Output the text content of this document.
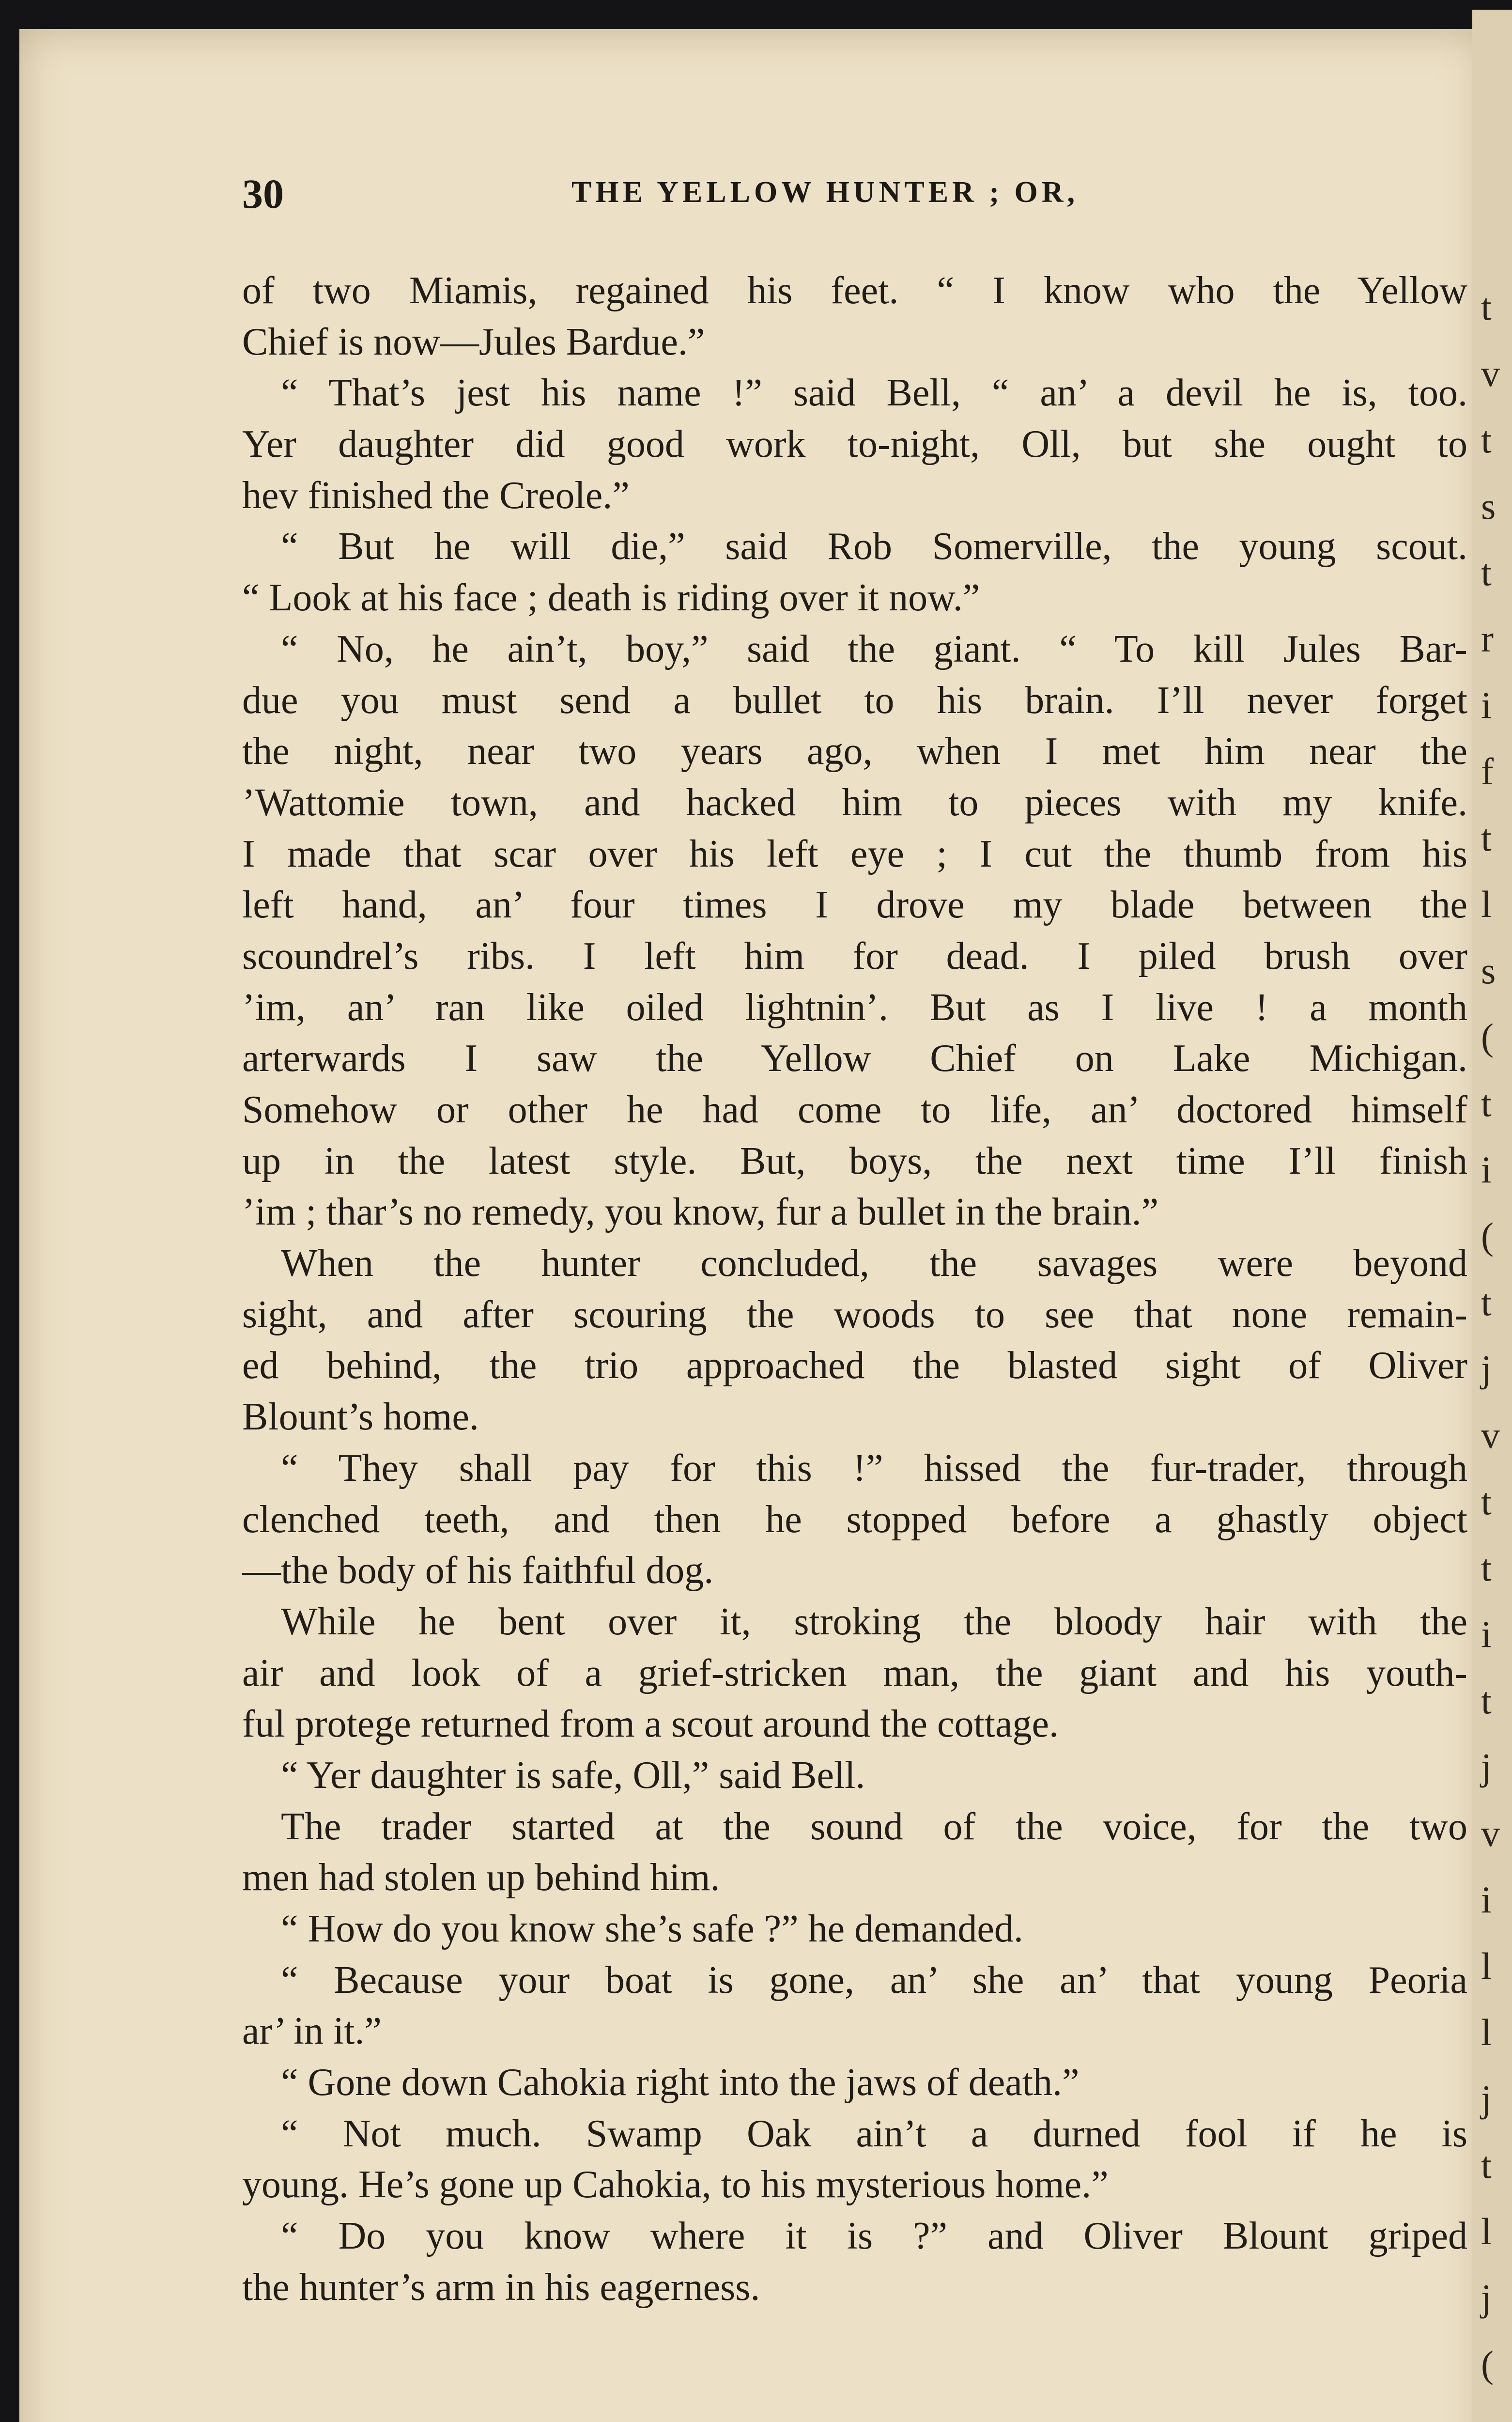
t
v
t
s
t
r
i
f
t
l
s
(
t
i
(
t
j
v
t
t
i
t
j
v
i
l
l
j
t
l
j
(
30	THE YELLOW HUNTER ; OR,
of two Miamis, regained his feet. “ I know who the Yellow
Chief is now—Jules Bardue.”
“ That’s jest his name !” said Bell, “ an’ a devil he is, too.
Yer daughter did good work to-night, Oll, but she ought to
hev finished the Creole.”
“ But he will die,” said Rob Somerville, the young scout.
“ Look at his face ; death is riding over it now.”
“ No, he ain’t, boy,” said the giant. “ To kill Jules Bar-
due you must send a bullet to his brain. I’ll never forget
the night, near two years ago, when I met him near the
’Wattomie town, and hacked him to pieces with my knife.
I made that scar over his left eye ; I cut the thumb from his
left hand, an’ four times I drove my blade between the
scoundrel’s ribs. I left him for dead. I piled brush over
’im, an’ ran like oiled lightnin’. But as I live ! a month
arterwards I saw the Yellow Chief on Lake Michigan.
Somehow or other he had come to life, an’ doctored himself
up in the latest style. But, boys, the next time I’ll finish
’im ; thar’s no remedy, you know, fur a bullet in the brain.”
When the hunter concluded, the savages were beyond
sight, and after scouring the woods to see that none remain-
ed behind, the trio approached the blasted sight of Oliver
Blount’s home.
“ They shall pay for this !” hissed the fur-trader, through
clenched teeth, and then he stopped before a ghastly object
—the body of his faithful dog.
While he bent over it, stroking the bloody hair with the
air and look of a grief-stricken man, the giant and his youth-
ful protege returned from a scout around the cottage.
“ Yer daughter is safe, Oll,” said Bell.
The trader started at the sound of the voice, for the two
men had stolen up behind him.
“ How do you know she’s safe ?” he demanded.
“ Because your boat is gone, an’ she an’ that young Peoria
ar’ in it.”
“ Gone down Cahokia right into the jaws of death.”
“ Not much. Swamp Oak ain’t a durned fool if he is
young. He’s gone up Cahokia, to his mysterious home.”
“ Do you know where it is ?” and Oliver Blount griped
the hunter’s arm in his eagerness.
